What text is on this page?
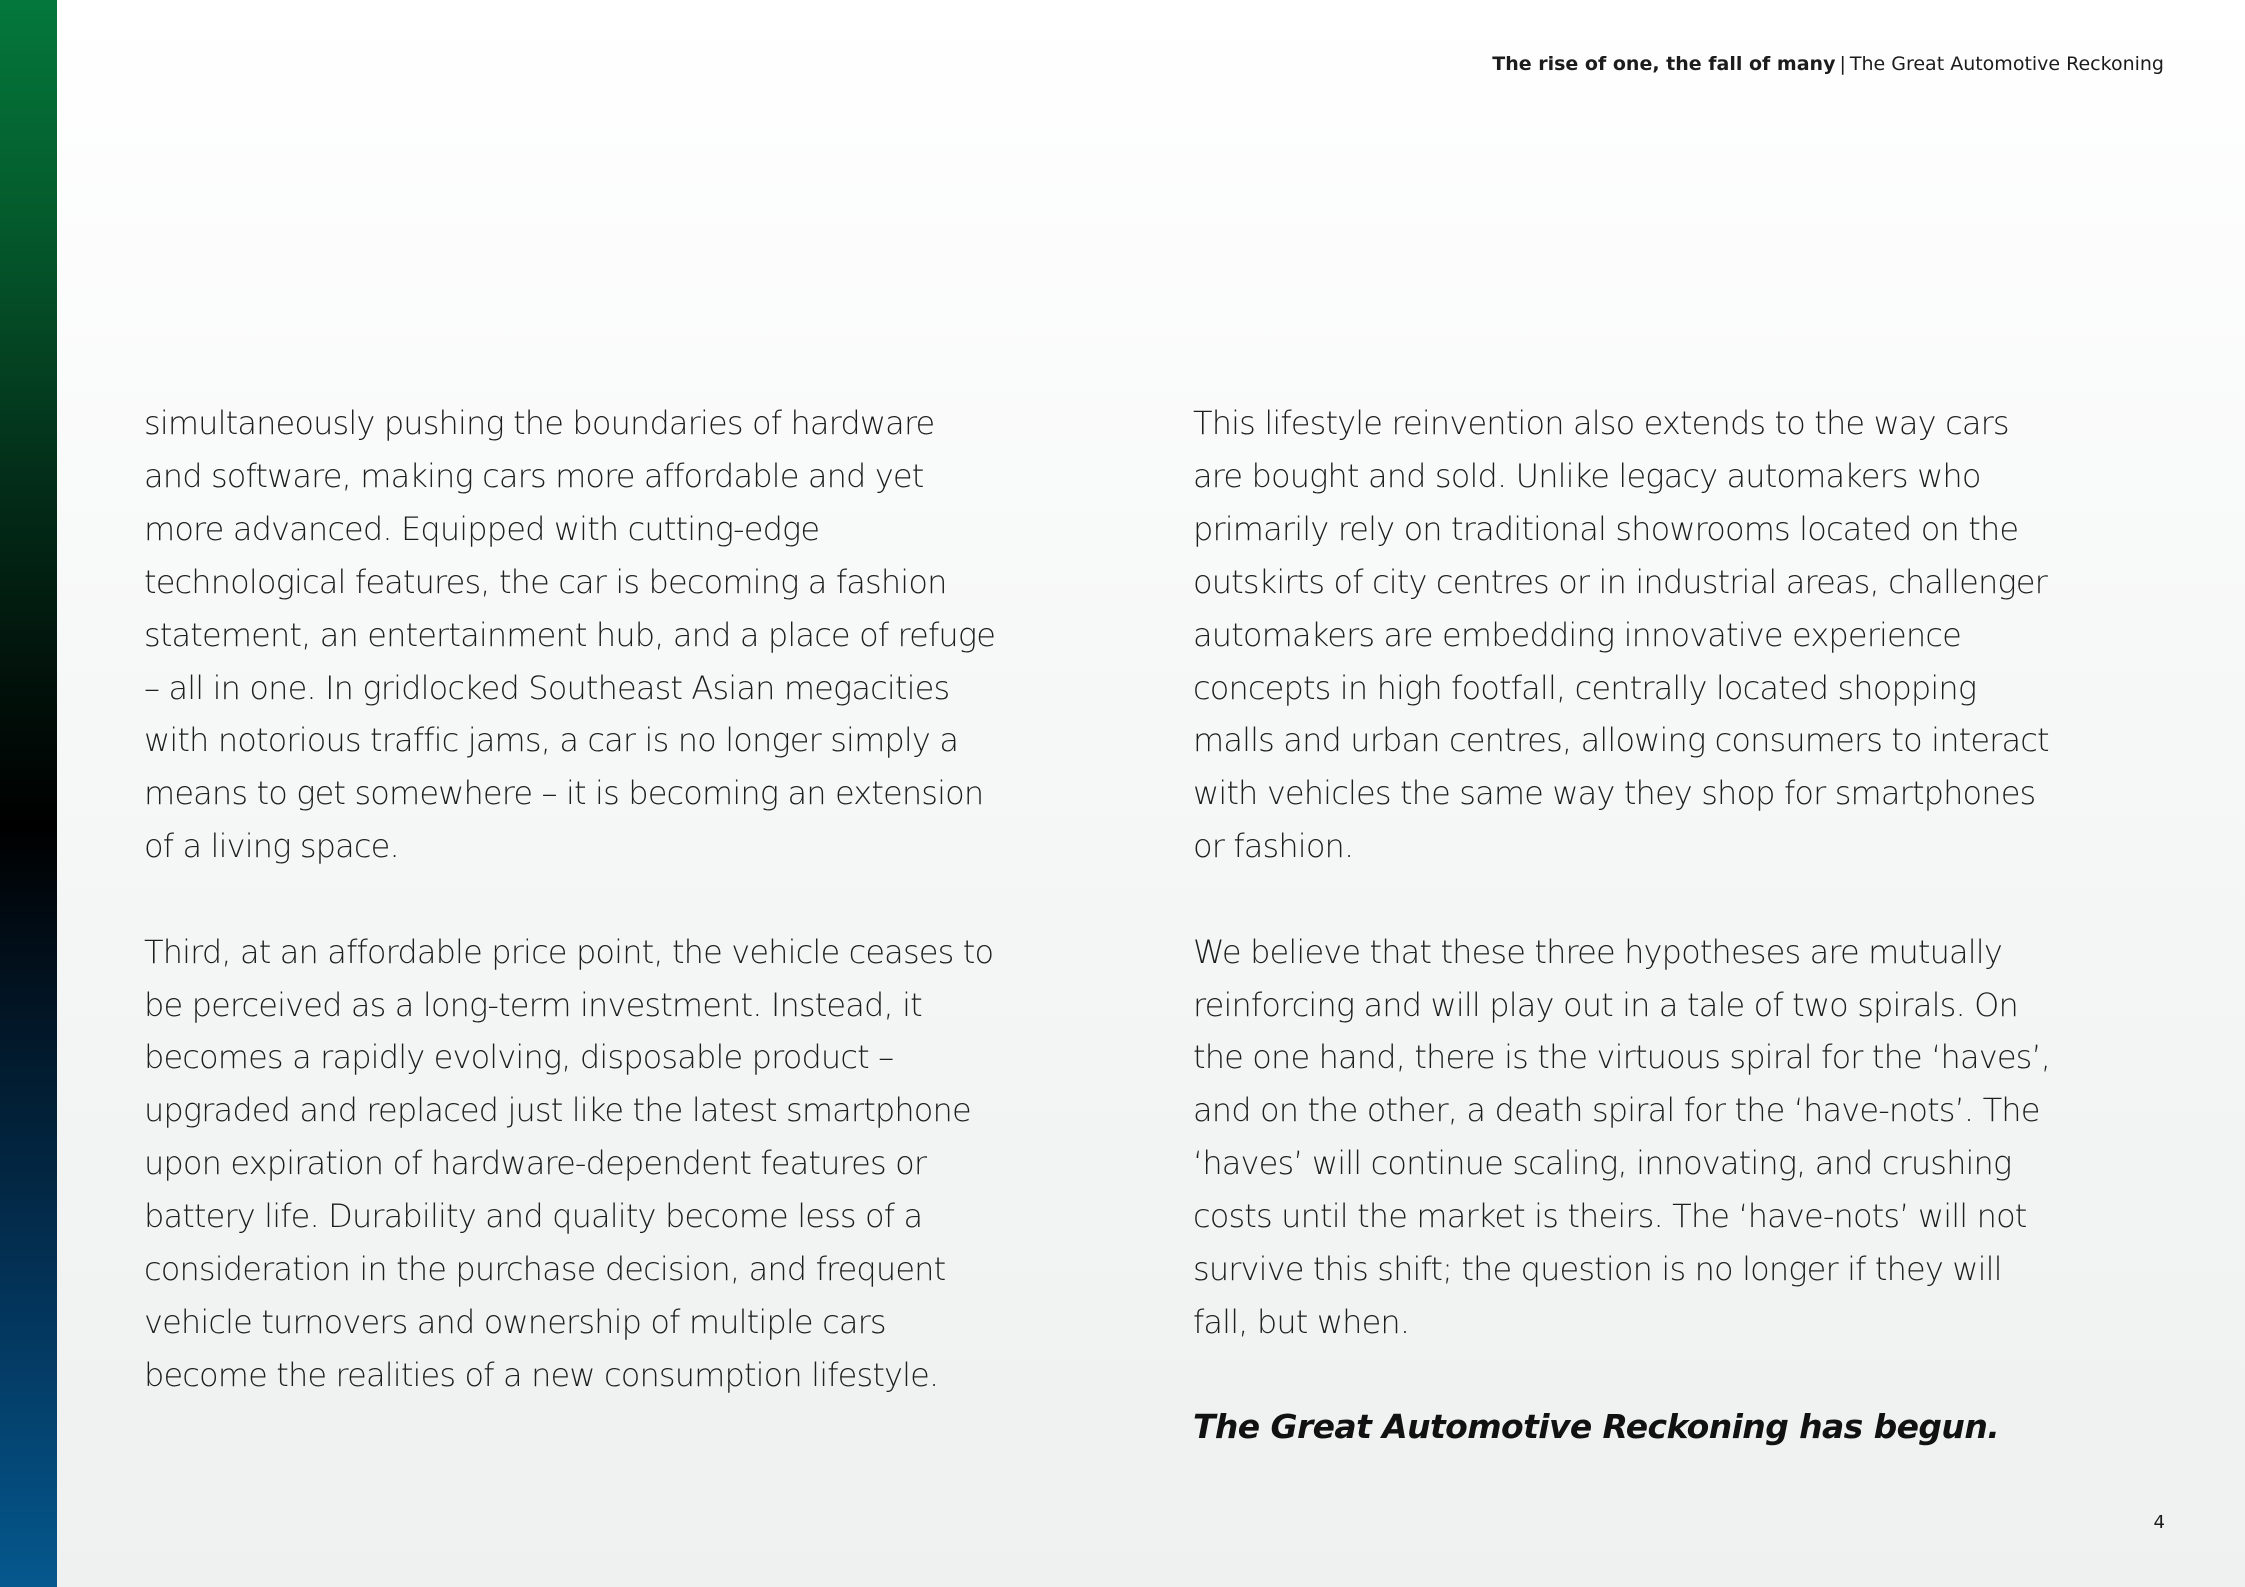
The rise of one, the fall of many | The Great Automotive Reckoning

simultaneously pushing the boundaries of hardware
and software, making cars more affordable and yet
more advanced. Equipped with cutting-edge
technological features, the car is becoming a fashion
statement, an entertainment hub, and a place of refuge
– all in one. In gridlocked Southeast Asian megacities
with notorious traffic jams, a car is no longer simply a
means to get somewhere – it is becoming an extension
of a living space.

Third, at an affordable price point, the vehicle ceases to
be perceived as a long-term investment. Instead, it
becomes a rapidly evolving, disposable product –
upgraded and replaced just like the latest smartphone
upon expiration of hardware-dependent features or
battery life. Durability and quality become less of a
consideration in the purchase decision, and frequent
vehicle turnovers and ownership of multiple cars
become the realities of a new consumption lifestyle.

This lifestyle reinvention also extends to the way cars
are bought and sold. Unlike legacy automakers who
primarily rely on traditional showrooms located on the
outskirts of city centres or in industrial areas, challenger
automakers are embedding innovative experience
concepts in high footfall, centrally located shopping
malls and urban centres, allowing consumers to interact
with vehicles the same way they shop for smartphones
or fashion.

We believe that these three hypotheses are mutually
reinforcing and will play out in a tale of two spirals. On
the one hand, there is the virtuous spiral for the ‘haves’,
and on the other, a death spiral for the ‘have-nots’. The
‘haves’ will continue scaling, innovating, and crushing
costs until the market is theirs. The ‘have-nots’ will not
survive this shift; the question is no longer if they will
fall, but when.

The Great Automotive Reckoning has begun.

4
